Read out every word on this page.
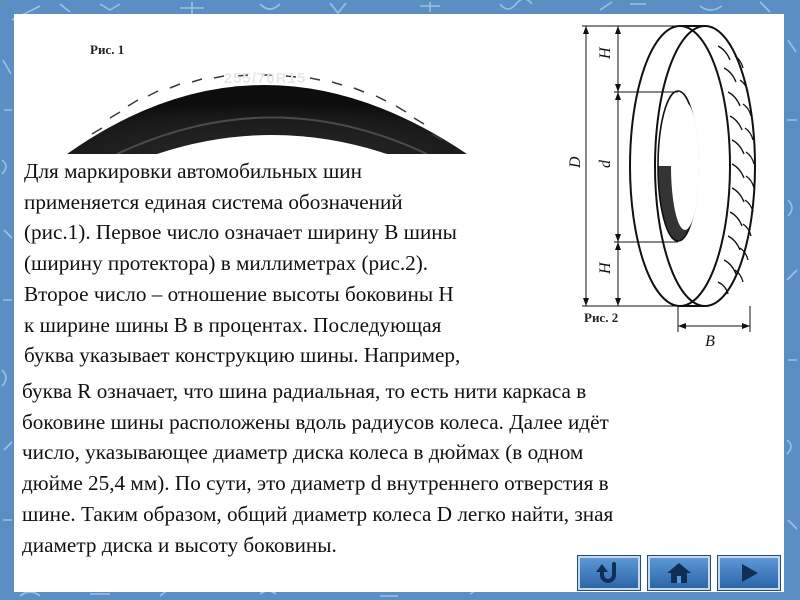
Рис. 1
255/70R15
H
D d
H
B
Рис. 2

Для маркировки автомобильных шин
применяется единая система обозначений
(рис.1). Первое число означает ширину B шины
(ширину протектора) в миллиметрах (рис.2).
Второе число – отношение высоты боковины H
к ширине шины B в процентах. Последующая
буква указывает конструкцию шины. Например,

буква R означает, что шина радиальная, то есть нити каркаса в
боковине шины расположены вдоль радиусов колеса. Далее идёт
число, указывающее диаметр диска колеса в дюймах (в одном
дюйме 25,4 мм). По сути, это диаметр d внутреннего отверстия в
шине. Таким образом, общий диаметр колеса D легко найти, зная
диаметр диска и высоту боковины.
